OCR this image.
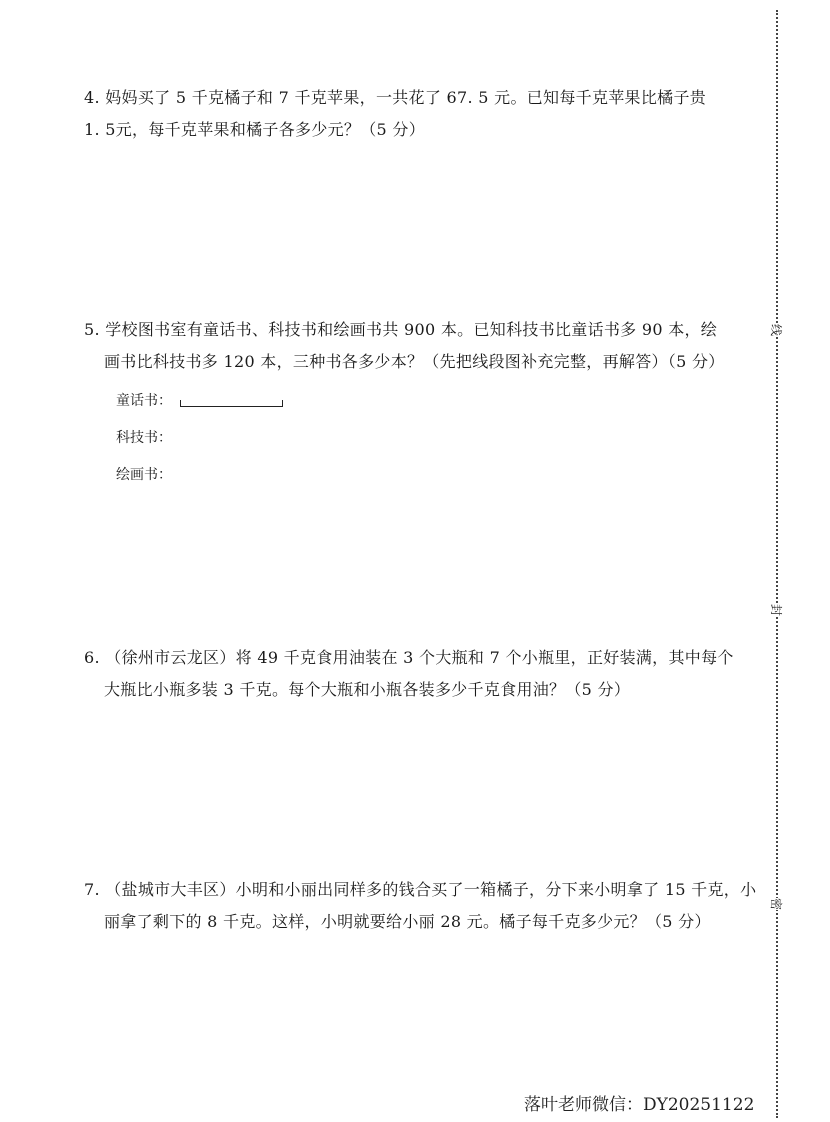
4. 妈妈买了 5 千克橘子和 7 千克苹果，一共花了 67. 5 元。已知每千克苹果比橘子贵
1. 5元，每千克苹果和橘子各多少元？（5 分）
5. 学校图书室有童话书、科技书和绘画书共 900 本。已知科技书比童话书多 90 本，绘
画书比科技书多 120 本，三种书各多少本？（先把线段图补充完整，再解答）（5 分）
童话书：
科技书：
绘画书：
6. （徐州市云龙区）将 49 千克食用油装在 3 个大瓶和 7 个小瓶里，正好装满，其中每个
大瓶比小瓶多装 3 千克。每个大瓶和小瓶各装多少千克食用油？（5 分）
7. （盐城市大丰区）小明和小丽出同样多的钱合买了一箱橘子，分下来小明拿了 15 千克，小
丽拿了剩下的 8 千克。这样，小明就要给小丽 28 元。橘子每千克多少元？（5 分）
线
封
密
落叶老师微信：DY20251122
